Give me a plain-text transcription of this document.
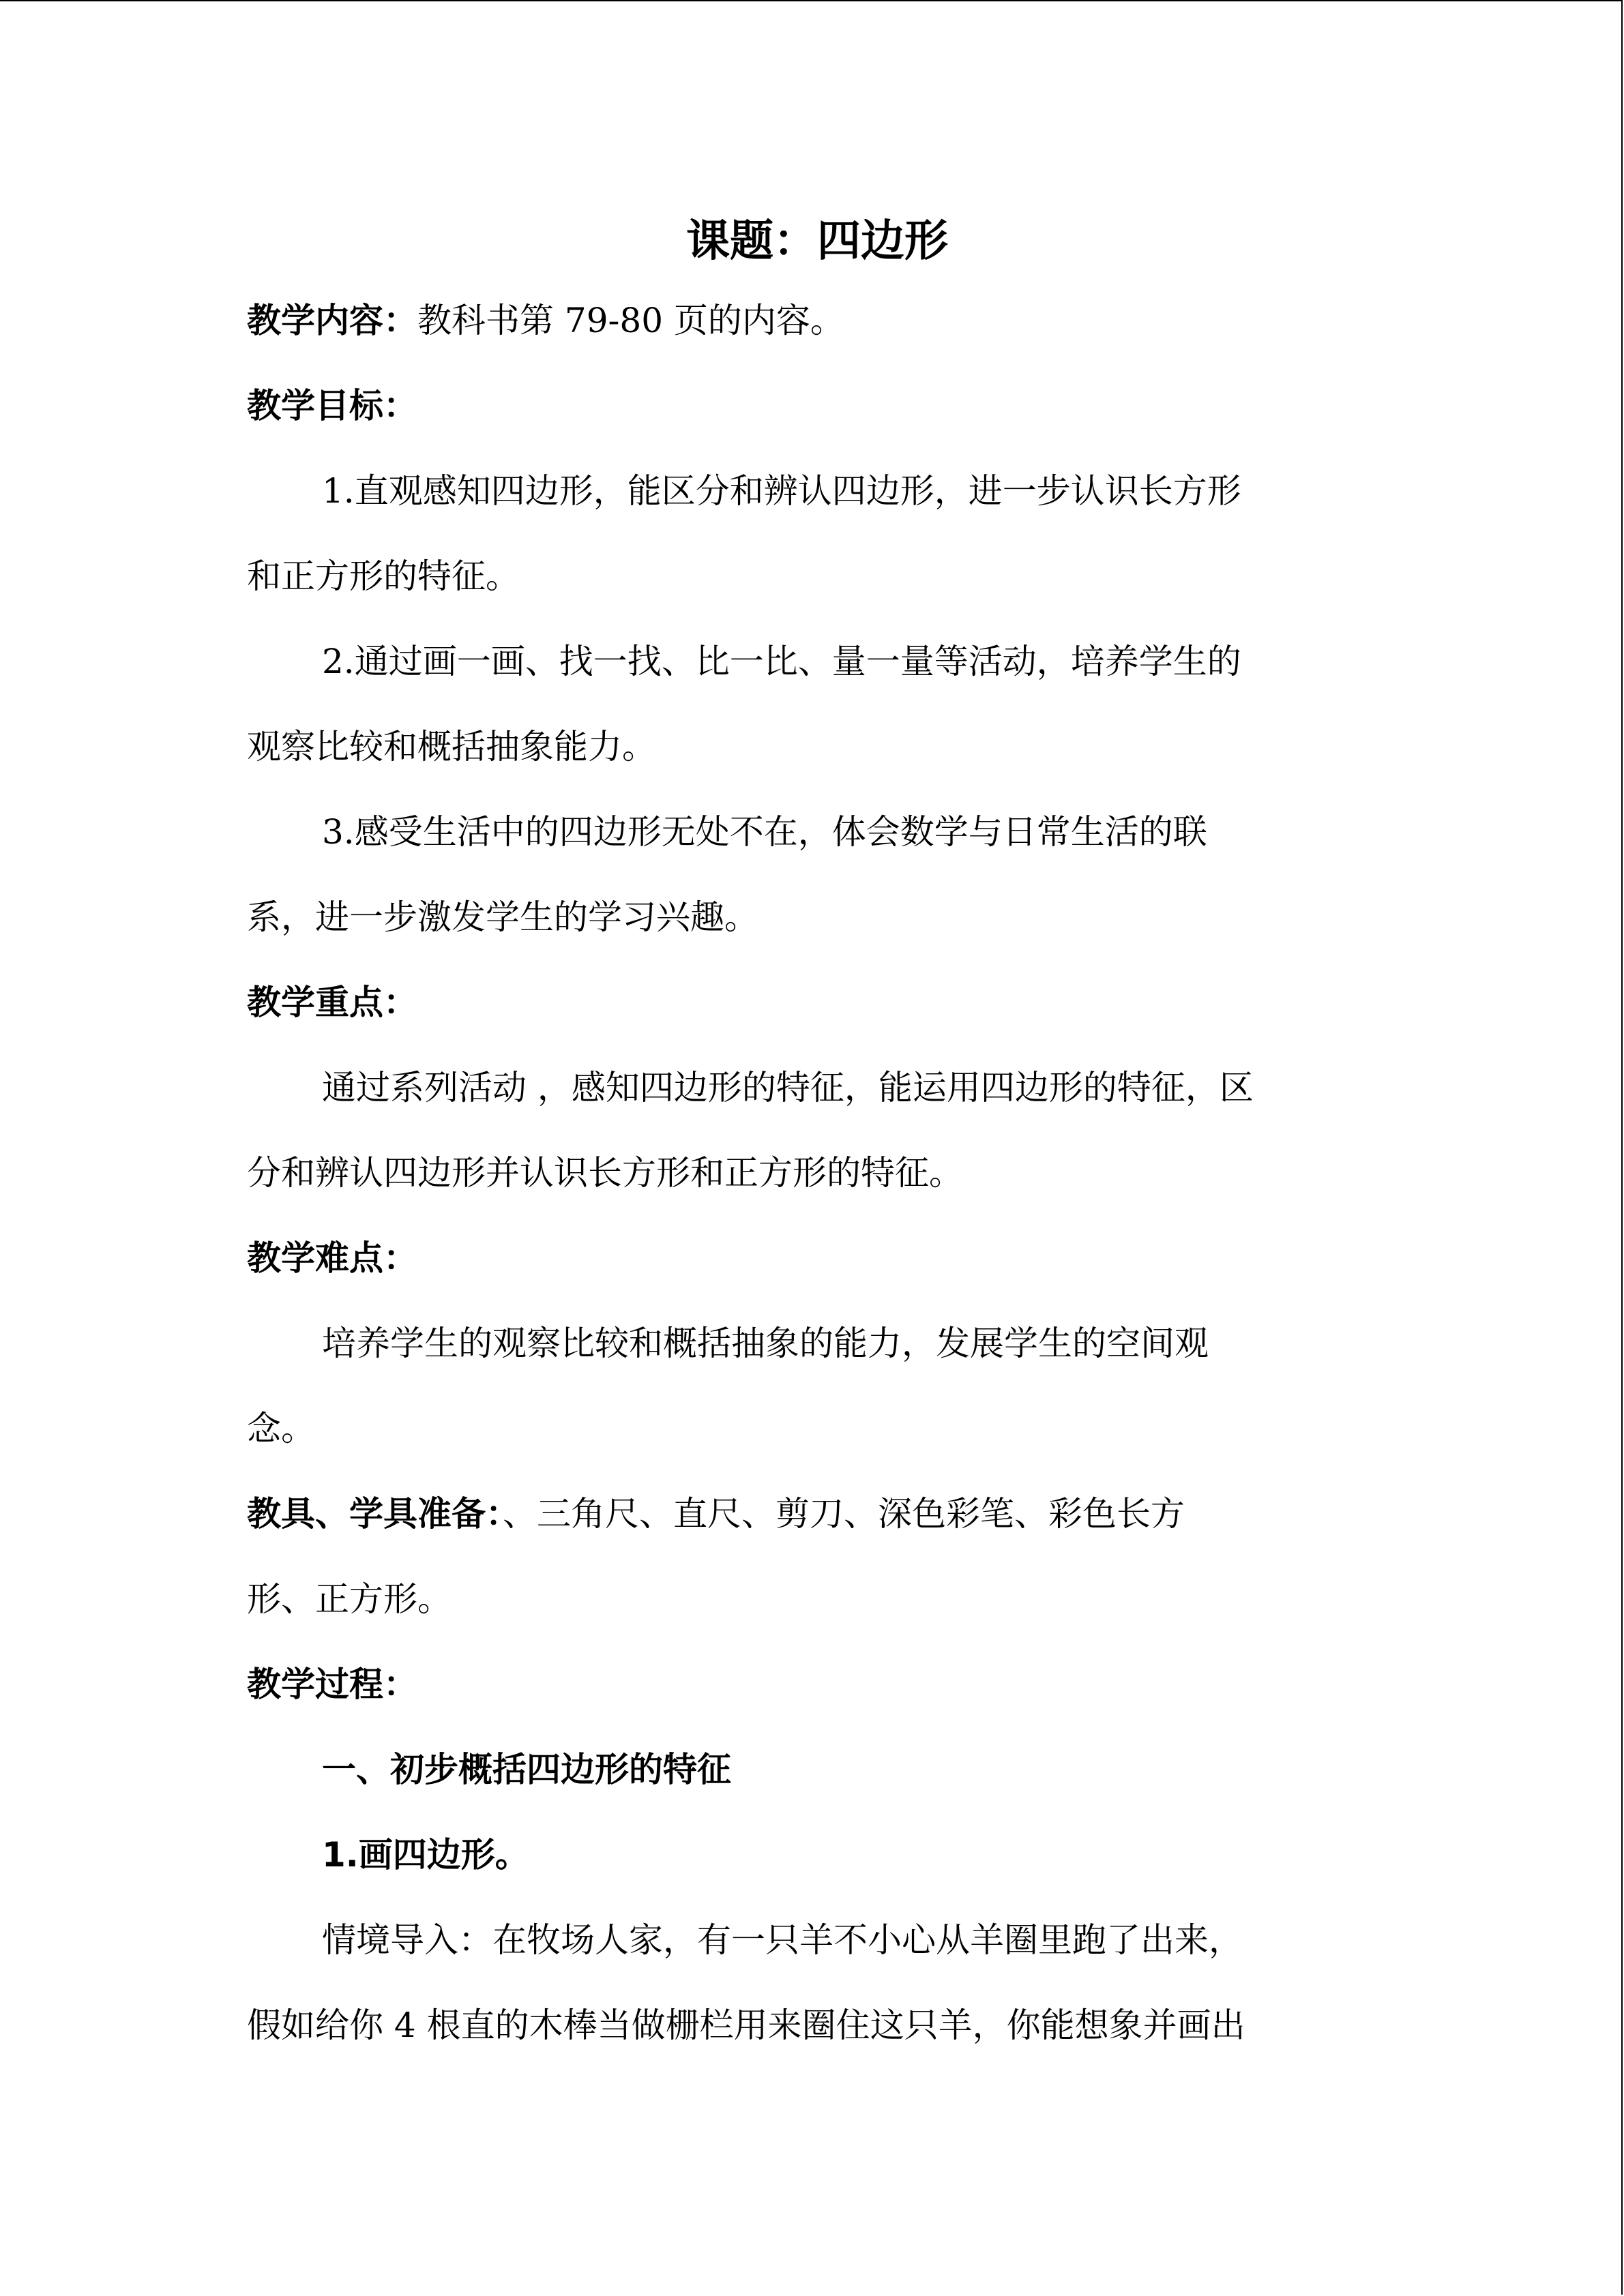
课题：四边形
教学内容：教科书第 79-80 页的内容。
教学目标：
1.直观感知四边形，能区分和辨认四边形，进一步认识长方形
和正方形的特征。
2.通过画一画、找一找、比一比、量一量等活动，培养学生的
观察比较和概括抽象能力。
3.感受生活中的四边形无处不在，体会数学与日常生活的联
系，进一步激发学生的学习兴趣。
教学重点：
通过系列活动 ，感知四边形的特征，能运用四边形的特征，区
分和辨认四边形并认识长方形和正方形的特征。
教学难点：
培养学生的观察比较和概括抽象的能力，发展学生的空间观
念。
教具、学具准备：、三角尺、直尺、剪刀、深色彩笔、彩色长方
形、正方形。
教学过程：
一、初步概括四边形的特征
1.画四边形。
情境导入：在牧场人家，有一只羊不小心从羊圈里跑了出来，
假如给你 4 根直的木棒当做栅栏用来圈住这只羊，你能想象并画出
